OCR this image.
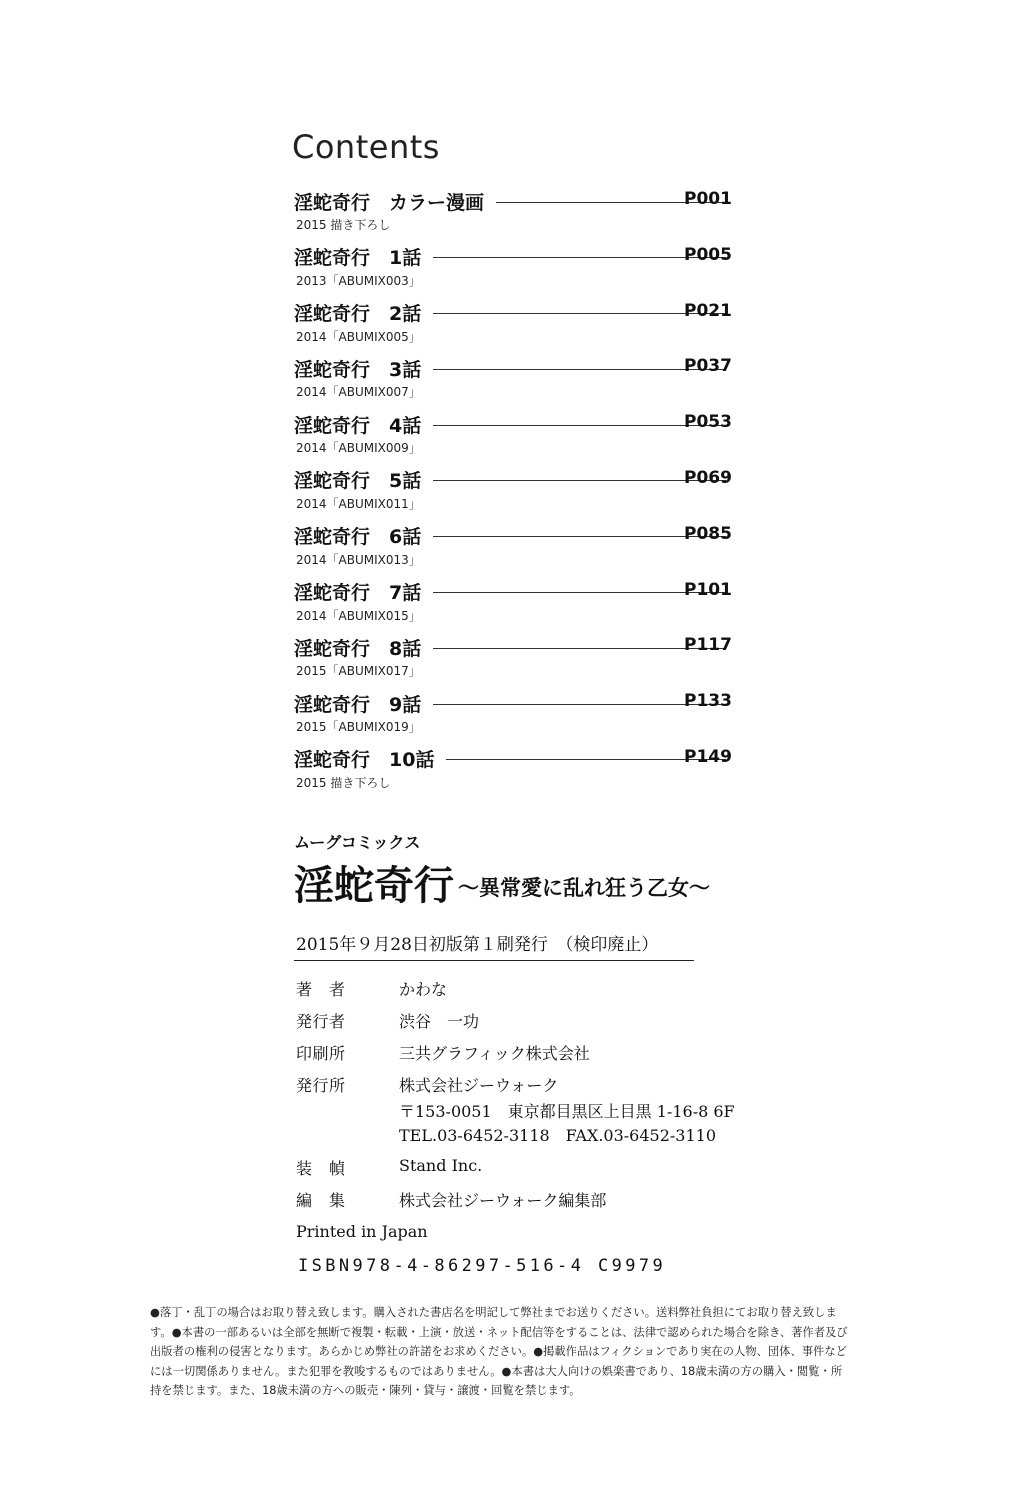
Contents
淫蛇奇行　カラー漫画	P001
2015 描き下ろし
淫蛇奇行　1話	P005
2013「ABUMIX003」
淫蛇奇行　2話	P021
2014「ABUMIX005」
淫蛇奇行　3話	P037
2014「ABUMIX007」
淫蛇奇行　4話	P053
2014「ABUMIX009」
淫蛇奇行　5話	P069
2014「ABUMIX011」
淫蛇奇行　6話	P085
2014「ABUMIX013」
淫蛇奇行　7話	P101
2014「ABUMIX015」
淫蛇奇行　8話	P117
2015「ABUMIX017」
淫蛇奇行　9話	P133
2015「ABUMIX019」
淫蛇奇行　10話	P149
2015 描き下ろし
ムーグコミックス
淫蛇奇行 ～異常愛に乱れ狂う乙女～
2015年９月28日初版第１刷発行　（検印廃止）
著　者	かわな
発行者	渋谷　一功
印刷所	三共グラフィック株式会社
発行所	株式会社ジーウォーク
〒153-0051　東京都目黒区上目黒 1-16-8 6F
TEL.03-6452-3118　FAX.03-6452-3110
装　幀	Stand Inc.
編　集	株式会社ジーウォーク編集部
Printed in Japan
ISBN978-4-86297-516-4 C9979
●落丁・乱丁の場合はお取り替え致します。購入された書店名を明記して弊社までお送りください。送料弊社負担にてお取り替え致しま
す。●本書の一部あるいは全部を無断で複製・転載・上演・放送・ネット配信等をすることは、法律で認められた場合を除き、著作者及び
出版者の権利の侵害となります。あらかじめ弊社の許諾をお求めください。●掲載作品はフィクションであり実在の人物、団体、事件など
には一切関係ありません。また犯罪を教唆するものではありません。●本書は大人向けの娯楽書であり、18歳未満の方の購入・閲覧・所
持を禁じます。また、18歳未満の方への販売・陳列・貸与・譲渡・回覧を禁じます。
